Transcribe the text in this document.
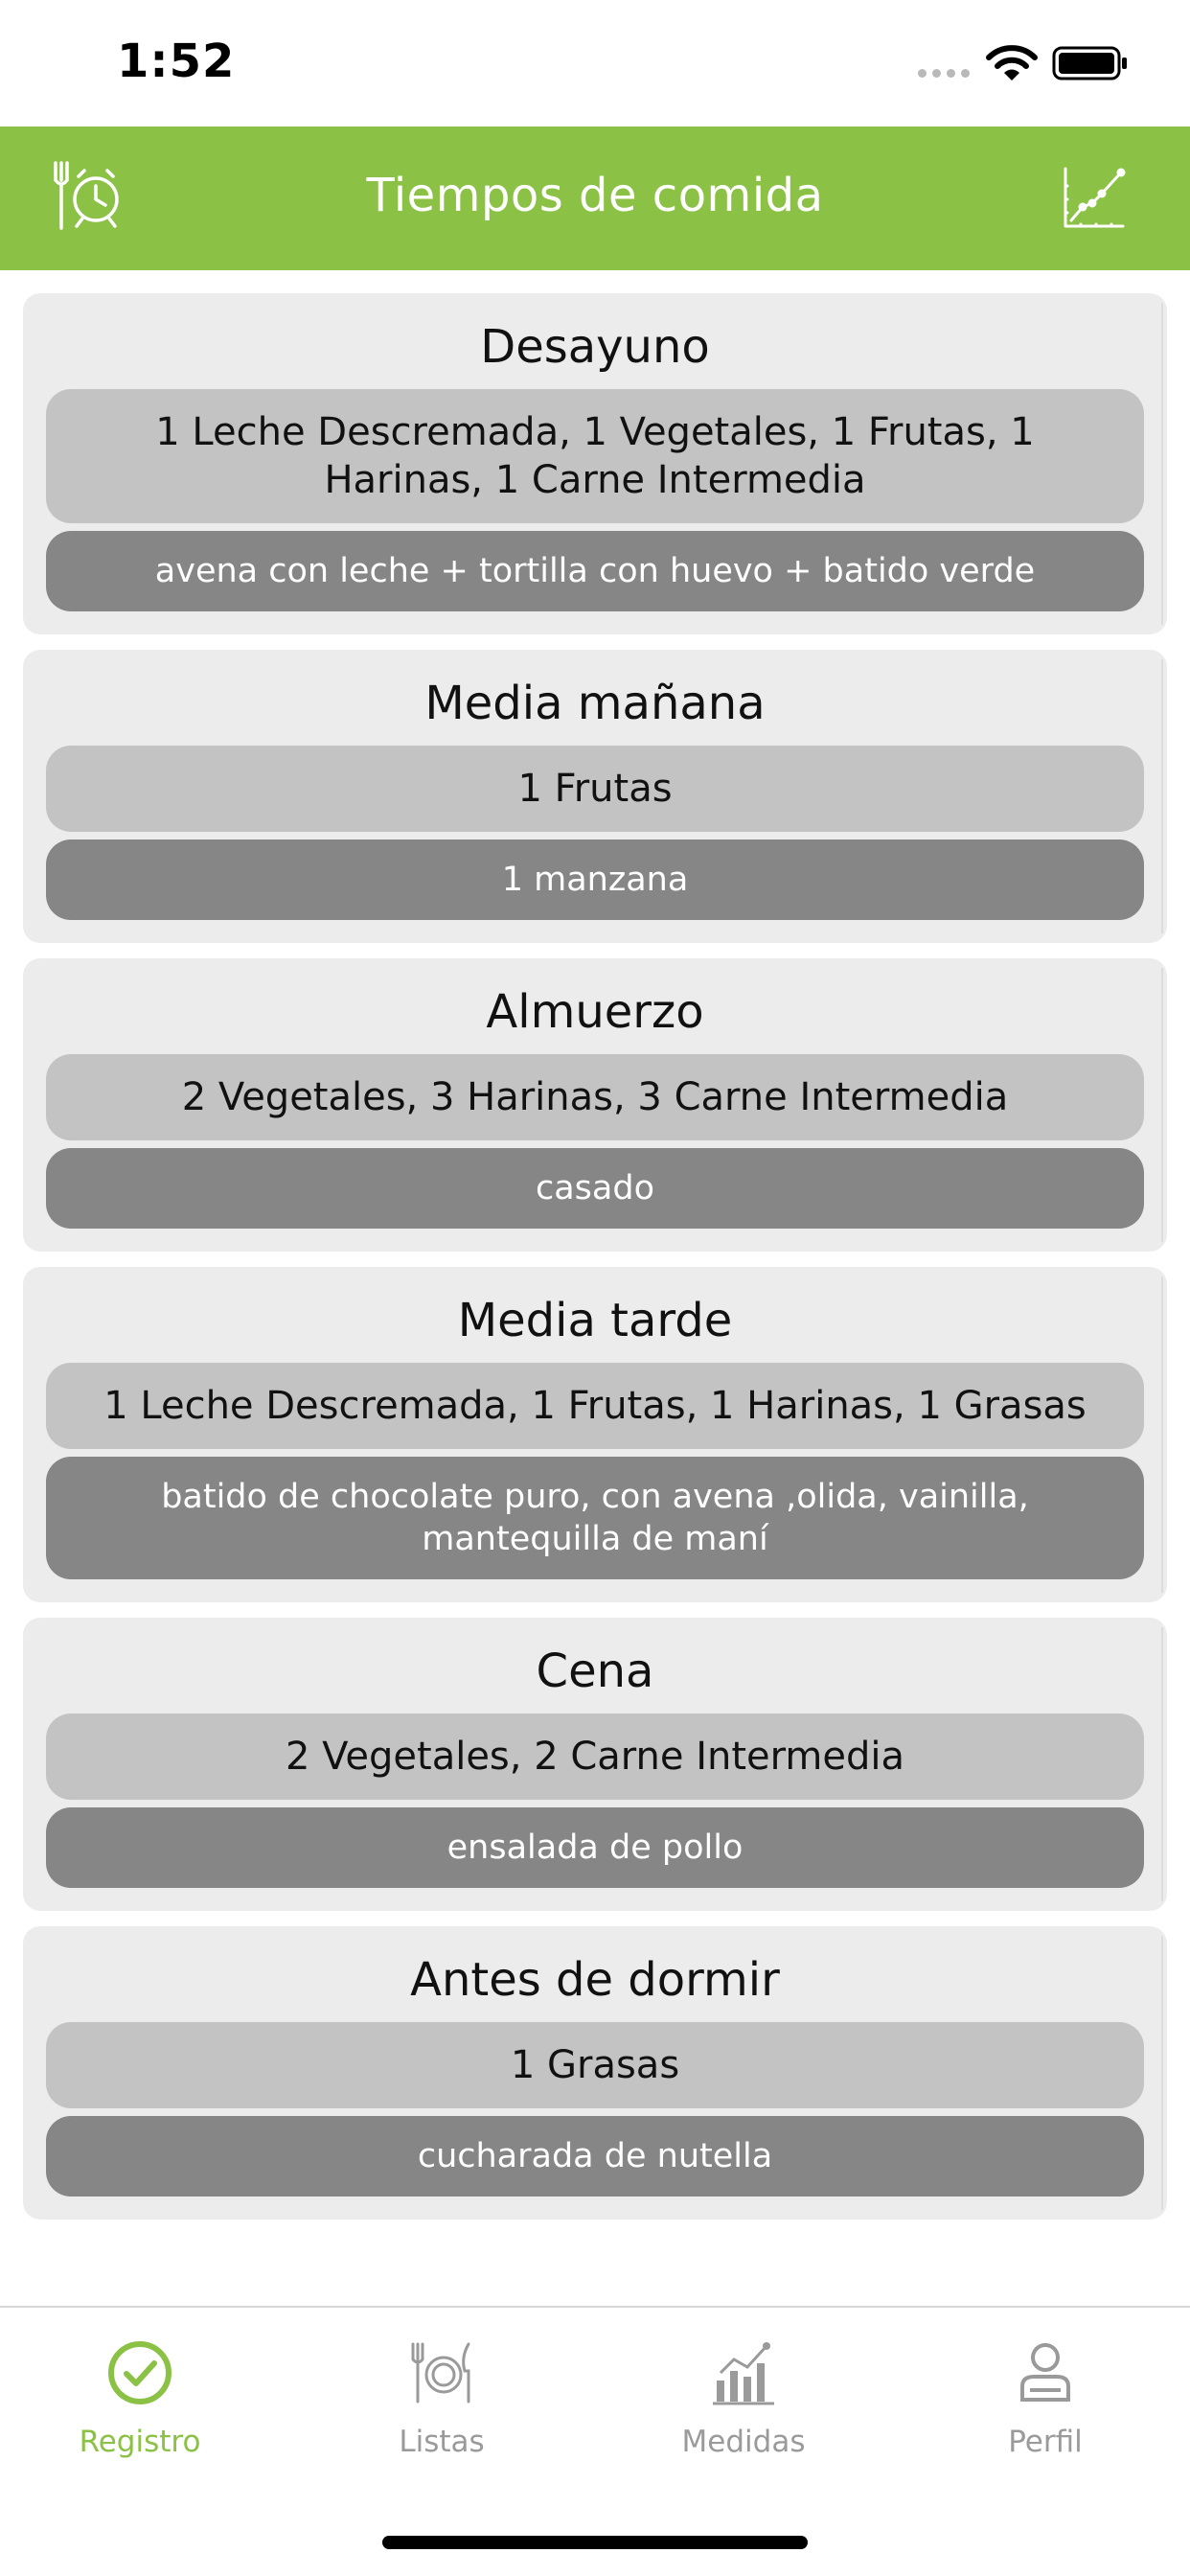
1:52
Tiempos de comida
Desayuno
1 Leche Descremada, 1 Vegetales, 1 Frutas, 1 Harinas, 1 Carne Intermedia
avena con leche + tortilla con huevo + batido verde
Media mañana
1 Frutas
1 manzana
Almuerzo
2 Vegetales, 3 Harinas, 3 Carne Intermedia
casado
Media tarde
1 Leche Descremada, 1 Frutas, 1 Harinas, 1 Grasas
batido de chocolate puro, con avena ,olida, vainilla, mantequilla de maní
Cena
2 Vegetales, 2 Carne Intermedia
ensalada de pollo
Antes de dormir
1 Grasas
cucharada de nutella
Registro	Listas	Medidas	Perfil
